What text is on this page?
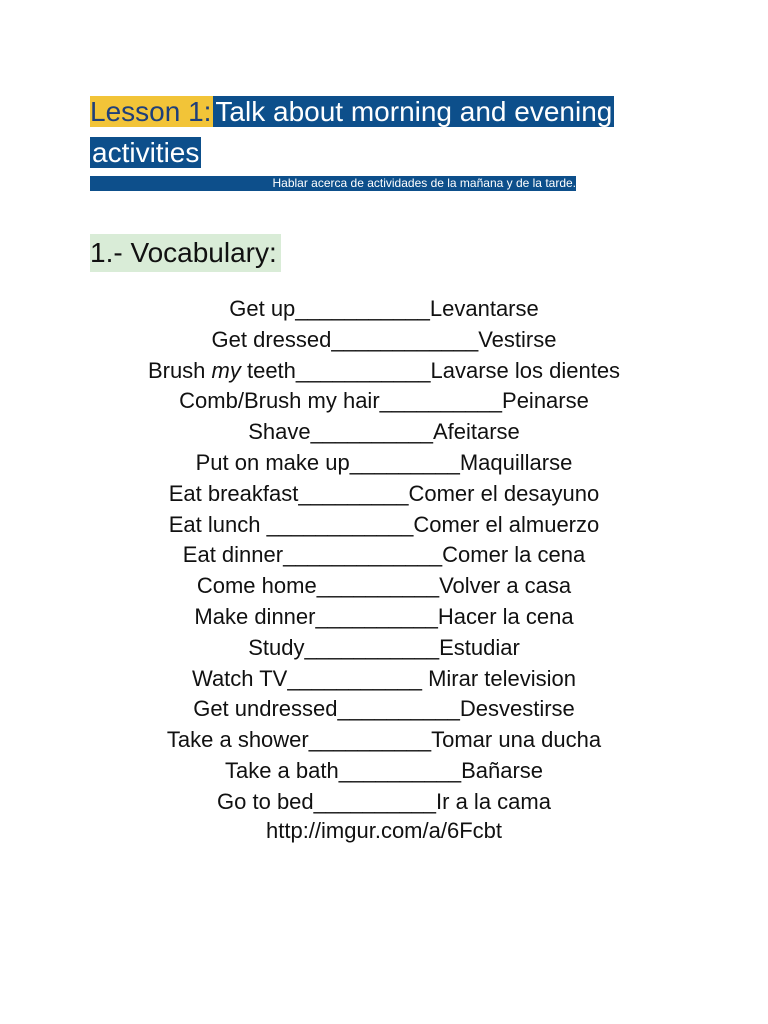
Lesson 1: Talk about morning and evening
activities
Hablar acerca de actividades de la mañana y de la tarde.
1.- Vocabulary:
Get up___________Levantarse
Get dressed____________Vestirse
Brush my teeth___________Lavarse los dientes
Comb/Brush my hair__________Peinarse
Shave__________Afeitarse
Put on make up_________Maquillarse
Eat breakfast_________Comer el desayuno
Eat lunch ____________Comer el almuerzo
Eat dinner_____________Comer la cena
Come home__________Volver a casa
Make dinner__________Hacer la cena
Study___________Estudiar
Watch TV___________ Mirar television
Get undressed__________Desvestirse
Take a shower__________Tomar una ducha
Take a bath__________Bañarse
Go to bed__________Ir a la cama
http://imgur.com/a/6Fcbt
